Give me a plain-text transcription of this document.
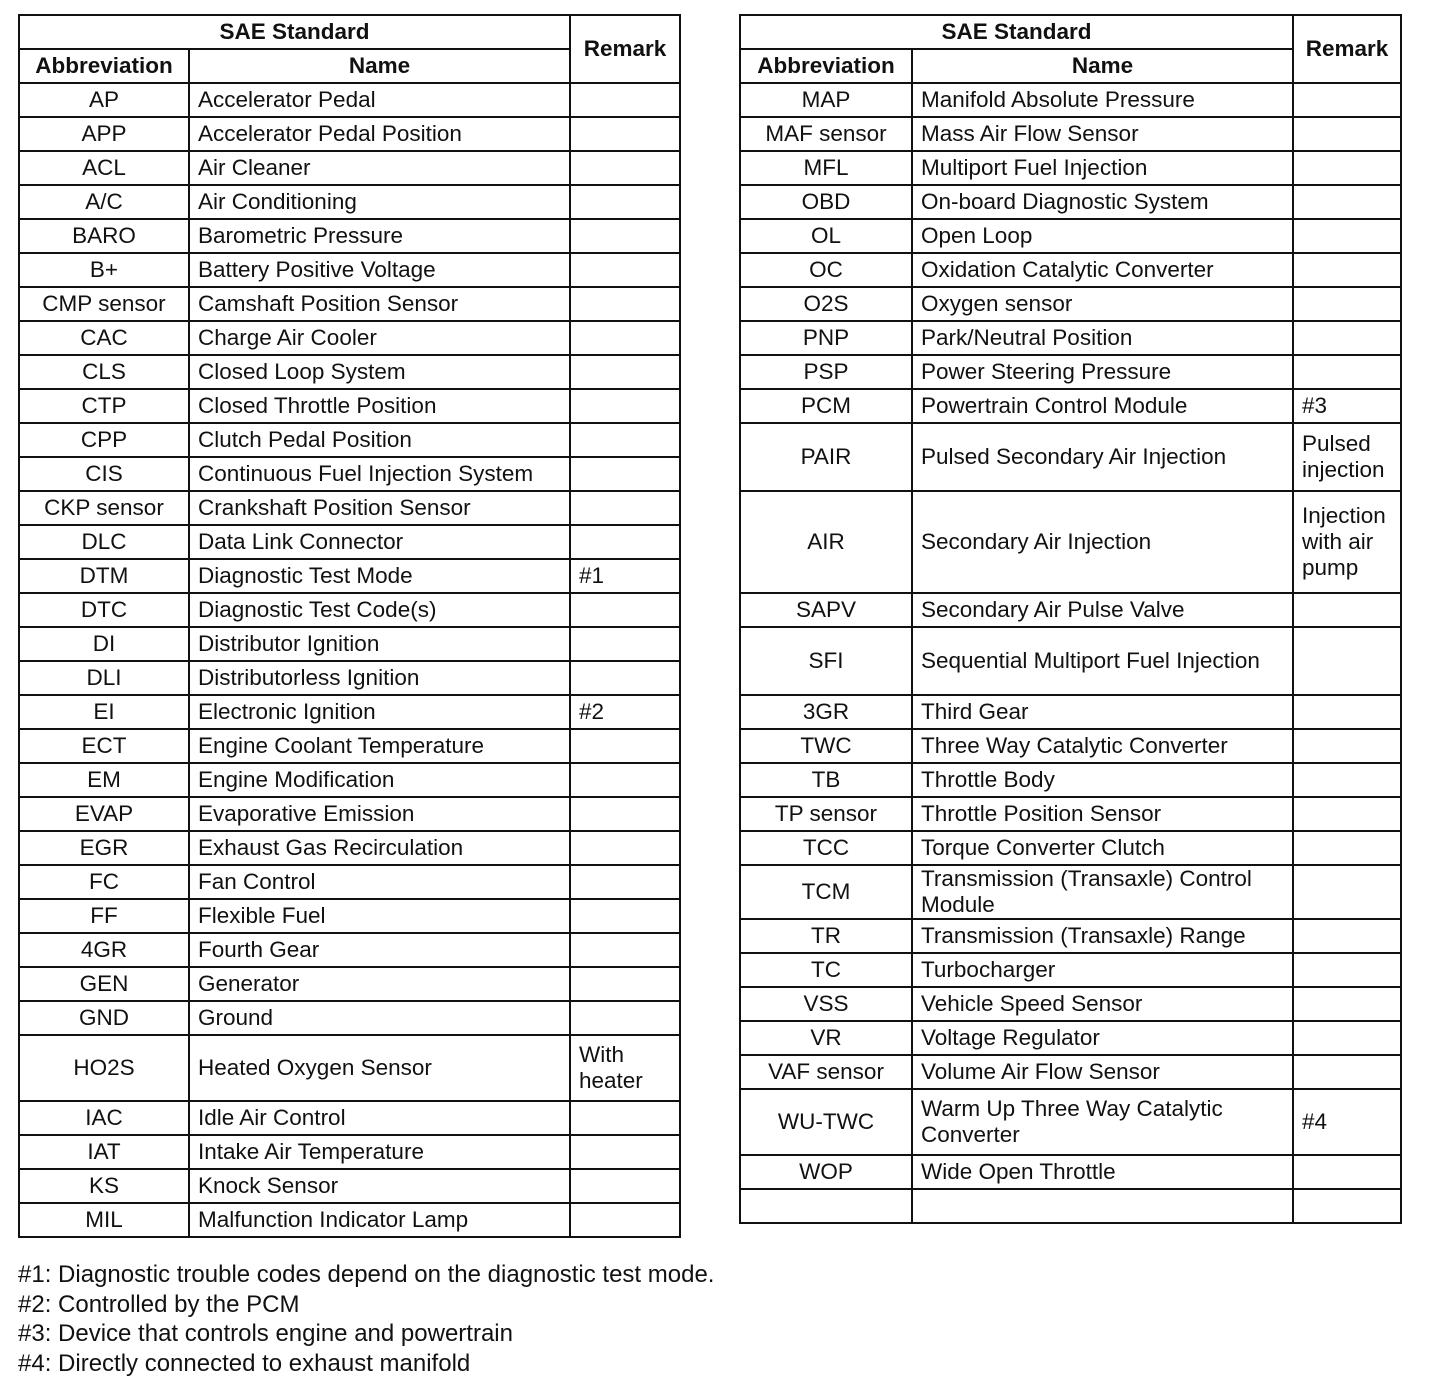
SAE Standard		Remark
Abbreviation	Name	
AP	Accelerator Pedal	
APP	Accelerator Pedal Position	
ACL	Air Cleaner	
A/C	Air Conditioning	
BARO	Barometric Pressure	
B+	Battery Positive Voltage	
CMP sensor	Camshaft Position Sensor	
CAC	Charge Air Cooler	
CLS	Closed Loop System	
CTP	Closed Throttle Position	
CPP	Clutch Pedal Position	
CIS	Continuous Fuel Injection System	
CKP sensor	Crankshaft Position Sensor	
DLC	Data Link Connector	
DTM	Diagnostic Test Mode	#1
DTC	Diagnostic Test Code(s)	
DI	Distributor Ignition	
DLI	Distributorless Ignition	
EI	Electronic Ignition	#2
ECT	Engine Coolant Temperature	
EM	Engine Modification	
EVAP	Evaporative Emission	
EGR	Exhaust Gas Recirculation	
FC	Fan Control	
FF	Flexible Fuel	
4GR	Fourth Gear	
GEN	Generator	
GND	Ground	
HO2S	Heated Oxygen Sensor	With heater
IAC	Idle Air Control	
IAT	Intake Air Temperature	
KS	Knock Sensor	
MIL	Malfunction Indicator Lamp	
SAE Standard		Remark
Abbreviation	Name	
MAP	Manifold Absolute Pressure	
MAF sensor	Mass Air Flow Sensor	
MFL	Multiport Fuel Injection	
OBD	On-board Diagnostic System	
OL	Open Loop	
OC	Oxidation Catalytic Converter	
O2S	Oxygen sensor	
PNP	Park/Neutral Position	
PSP	Power Steering Pressure	
PCM	Powertrain Control Module	#3
PAIR	Pulsed Secondary Air Injection	Pulsed injection
AIR	Secondary Air Injection	Injection with air pump
SAPV	Secondary Air Pulse Valve	
SFI	Sequential Multiport Fuel Injection	
3GR	Third Gear	
TWC	Three Way Catalytic Converter	
TB	Throttle Body	
TP sensor	Throttle Position Sensor	
TCC	Torque Converter Clutch	
TCM	Transmission (Transaxle) Control Module	
TR	Transmission (Transaxle) Range	
TC	Turbocharger	
VSS	Vehicle Speed Sensor	
VR	Voltage Regulator	
VAF sensor	Volume Air Flow Sensor	
WU-TWC	Warm Up Three Way Catalytic Converter	#4
WOP	Wide Open Throttle	

#1: Diagnostic trouble codes depend on the diagnostic test mode.
#2: Controlled by the PCM
#3: Device that controls engine and powertrain
#4: Directly connected to exhaust manifold
